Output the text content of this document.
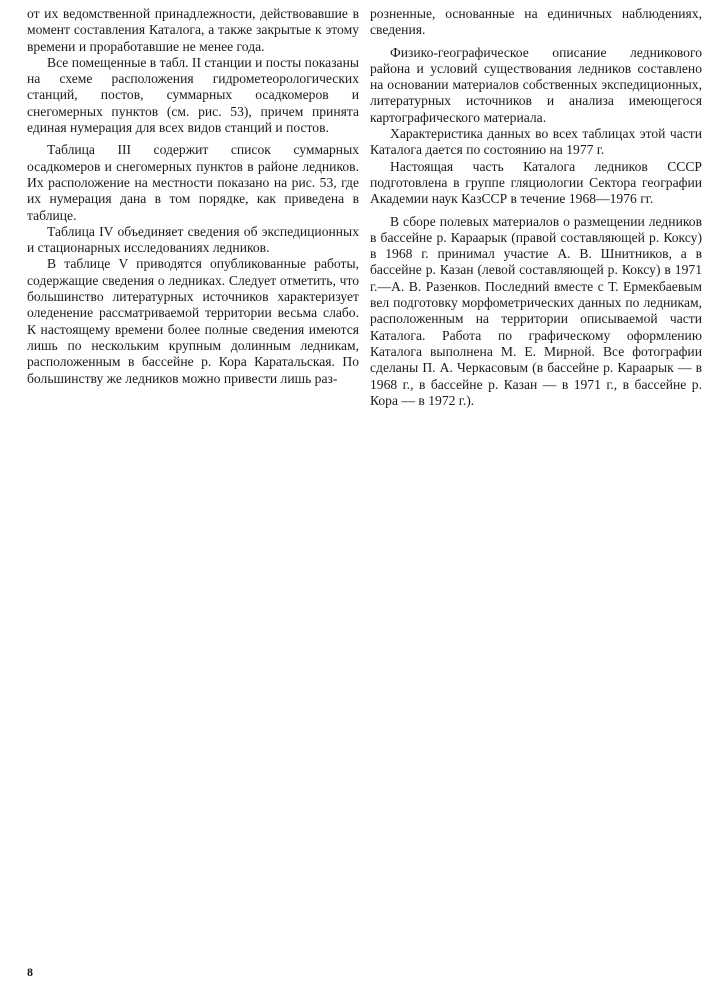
от их ведомственной принадлежности, действовавшие в момент составления Каталога, а также закрытые к этому времени и проработавшие не менее года.

Все помещенные в табл. II станции и посты показаны на схеме расположения гидрометеорологических станций, постов, суммарных осадкомеров и снегомерных пунктов (см. рис. 53), причем принята единая нумерация для всех видов станций и постов.

Таблица III содержит список суммарных осадкомеров и снегомерных пунктов в районе ледников. Их расположение на местности показано на рис. 53, где их нумерация дана в том порядке, как приведена в таблице.

Таблица IV объединяет сведения об экспедиционных и стационарных исследованиях ледников.

В таблице V приводятся опубликованные работы, содержащие сведения о ледниках. Следует отметить, что большинство литературных источников характеризует оледенение рассматриваемой территории весьма слабо. К настоящему времени более полные сведения имеются лишь по нескольким крупным долинным ледникам, расположенным в бассейне р. Кора Каратальская. По большинству же ледников можно привести лишь раз-

розненные, основанные на единичных наблюдениях, сведения.

Физико-географическое описание ледникового района и условий существования ледников составлено на основании материалов собственных экспедиционных, литературных источников и анализа имеющегося картографического материала.

Характеристика данных во всех таблицах этой части Каталога дается по состоянию на 1977 г.

Настоящая часть Каталога ледников СССР подготовлена в группе гляциологии Сектора географии Академии наук КазССР в течение 1968—1976 гг.

В сборе полевых материалов о размещении ледников в бассейне р. Караарык (правой составляющей р. Коксу) в 1968 г. принимал участие А. В. Шнитников, а в бассейне р. Казан (левой составляющей р. Коксу) в 1971 г.—А. В. Разенков. Последний вместе с Т. Ермекбаевым вел подготовку морфометрических данных по ледникам, расположенным на территории описываемой части Каталога. Работа по графическому оформлению Каталога выполнена М. Е. Мирной. Все фотографии сделаны П. А. Черкасовым (в бассейне р. Караарык — в 1968 г., в бассейне р. Казан — в 1971 г., в бассейне р. Кора — в 1972 г.).

8
